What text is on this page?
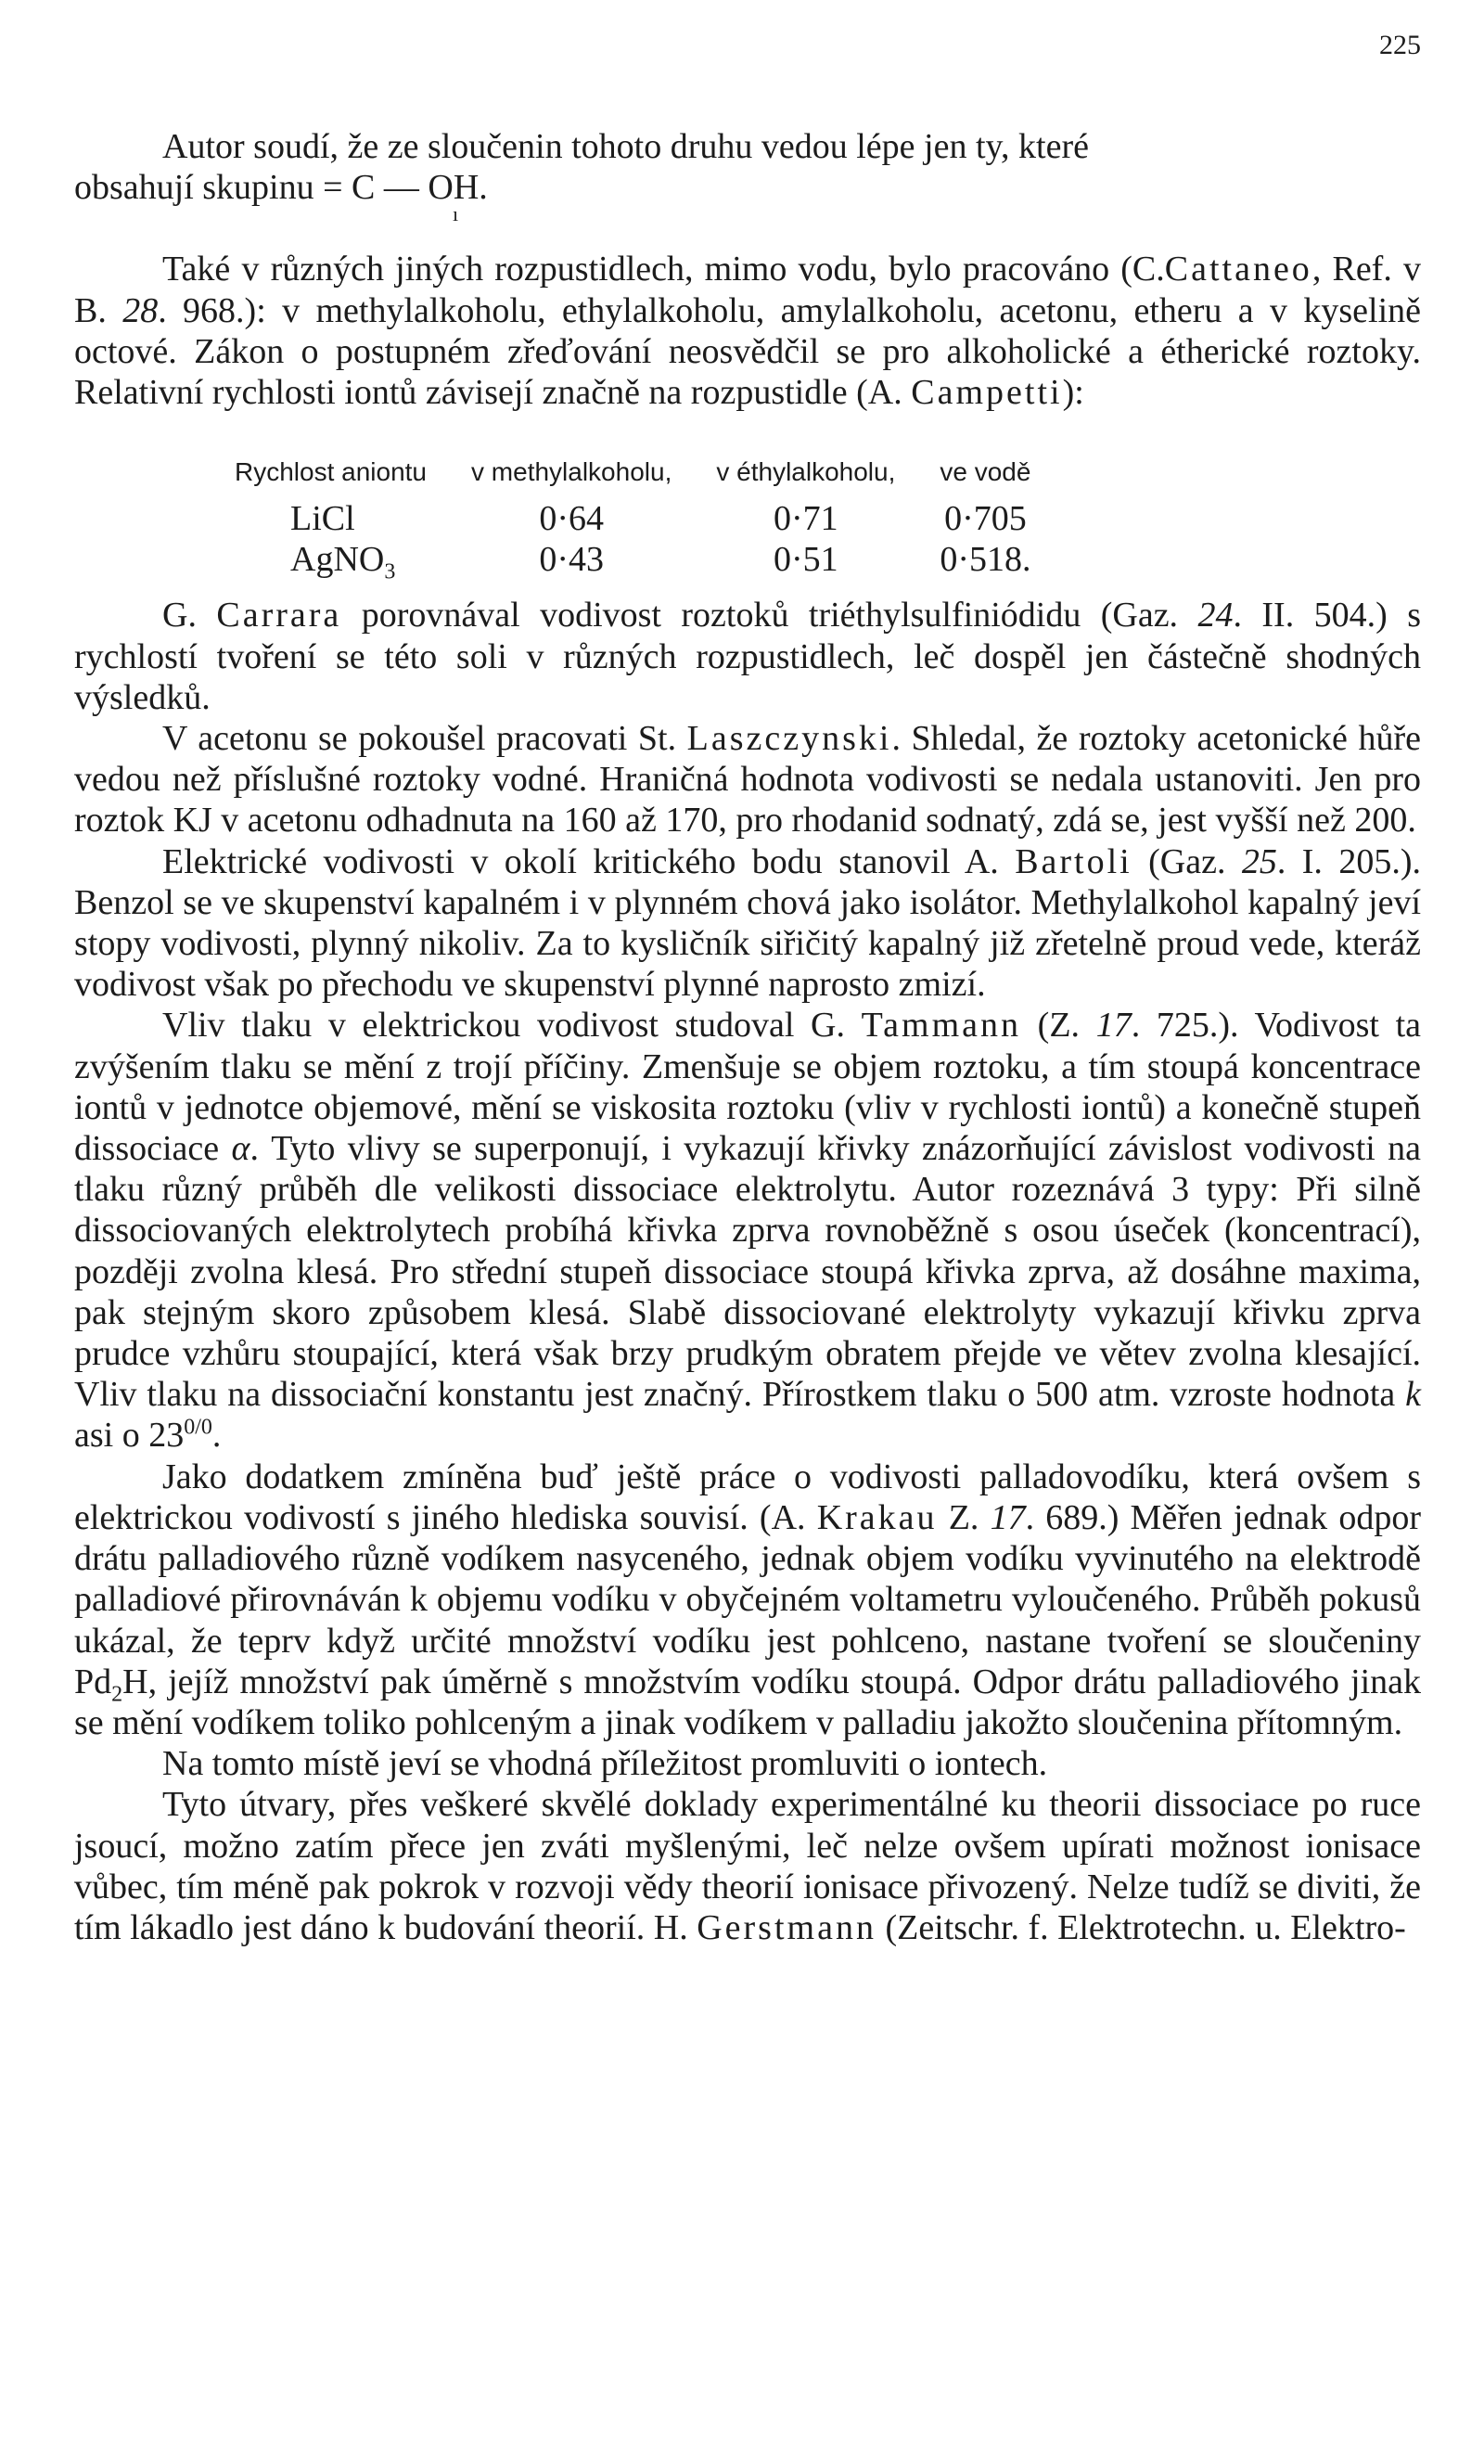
225

Autor soudí, že ze sloučenin tohoto druhu vedou lépe jen ty, které

obsahují skupinu = C — OH.
ı

Také v různých jiných rozpustidlech, mimo vodu, bylo pracováno (C.Cattaneo, Ref. v B. 28. 968.): v methylalkoholu, ethylalkoholu, amylalkoholu, acetonu, etheru a v kyselině octové. Zákon o postupném zřeďování neosvědčil se pro alkoholické a étherické roztoky. Relativní rychlosti iontů závisejí značně na rozpustidle (A. Campetti):

Rychlost aniontu	v methylalkoholu,	v éthylalkoholu,	ve vodě
LiCl	0·64	0·71	0·705
AgNO$_3$	0·43	0·51	0·518.

G. Carrara porovnával vodivost roztoků triéthylsulfiniódidu (Gaz. 24. II. 504.) s rychlostí tvoření se této soli v různých rozpustidlech, leč dospěl jen částečně shodných výsledků.

V acetonu se pokoušel pracovati St. Laszczynski. Shledal, že roztoky acetonické hůře vedou než příslušné roztoky vodné. Hraničná hodnota vodivosti se nedala ustanoviti. Jen pro roztok KJ v acetonu odhadnuta na 160 až 170, pro rhodanid sodnatý, zdá se, jest vyšší než 200.

Elektrické vodivosti v okolí kritického bodu stanovil A. Bartoli (Gaz. 25. I. 205.). Benzol se ve skupenství kapalném i v plynném chová jako isolátor. Methylalkohol kapalný jeví stopy vodivosti, plynný nikoliv. Za to kysličník siřičitý kapalný již zřetelně proud vede, kteráž vodivost však po přechodu ve skupenství plynné naprosto zmizí.

Vliv tlaku v elektrickou vodivost studoval G. Tammann (Z. 17. 725.). Vodivost ta zvýšením tlaku se mění z trojí příčiny. Zmenšuje se objem roztoku, a tím stoupá koncentrace iontů v jednotce objemové, mění se viskosita roztoku (vliv v rychlosti iontů) a konečně stupeň dissociace α. Tyto vlivy se superponují, i vykazují křivky znázorňující závislost vodivosti na tlaku různý průběh dle velikosti dissociace elektrolytu. Autor rozeznává 3 typy: Při silně dissociovaných elektrolytech probíhá křivka zprva rovnoběžně s osou úseček (koncentrací), později zvolna klesá. Pro střední stupeň dissociace stoupá křivka zprva, až dosáhne maxima, pak stejným skoro způsobem klesá. Slabě dissociované elektrolyty vykazují křivku zprva prudce vzhůru stoupající, která však brzy prudkým obratem přejde ve větev zvolna klesající. Vliv tlaku na dissociační konstantu jest značný. Přírostkem tlaku o 500 atm. vzroste hodnota k asi o $23^{0/0}$.

Jako dodatkem zmíněna buď ještě práce o vodivosti palladovodíku, která ovšem s elektrickou vodivostí s jiného hlediska souvisí. (A. Krakau Z. 17. 689.) Měřen jednak odpor drátu palladiového různě vodíkem nasyceného, jednak objem vodíku vyvinutého na elektrodě palladiové přirovnáván k objemu vodíku v obyčejném voltametru vyloučeného. Průběh pokusů ukázal, že teprv když určité množství vodíku jest pohlceno, nastane tvoření se sloučeniny $Pd_2H$, jejíž množství pak úměrně s množstvím vodíku stoupá. Odpor drátu palladiového jinak se mění vodíkem toliko pohlceným a jinak vodíkem v palladiu jakožto sloučenina přítomným.

Na tomto místě jeví se vhodná příležitost promluviti o iontech.

Tyto útvary, přes veškeré skvělé doklady experimentálné ku theorii dissociace po ruce jsoucí, možno zatím přece jen zváti myšlenými, leč nelze ovšem upírati možnost ionisace vůbec, tím méně pak pokrok v rozvoji vědy theorií ionisace přivozený. Nelze tudíž se diviti, že tím lákadlo jest dáno k budování theorií. H. Gerstmann (Zeitschr. f. Elektrotechn. u. Elektro-
